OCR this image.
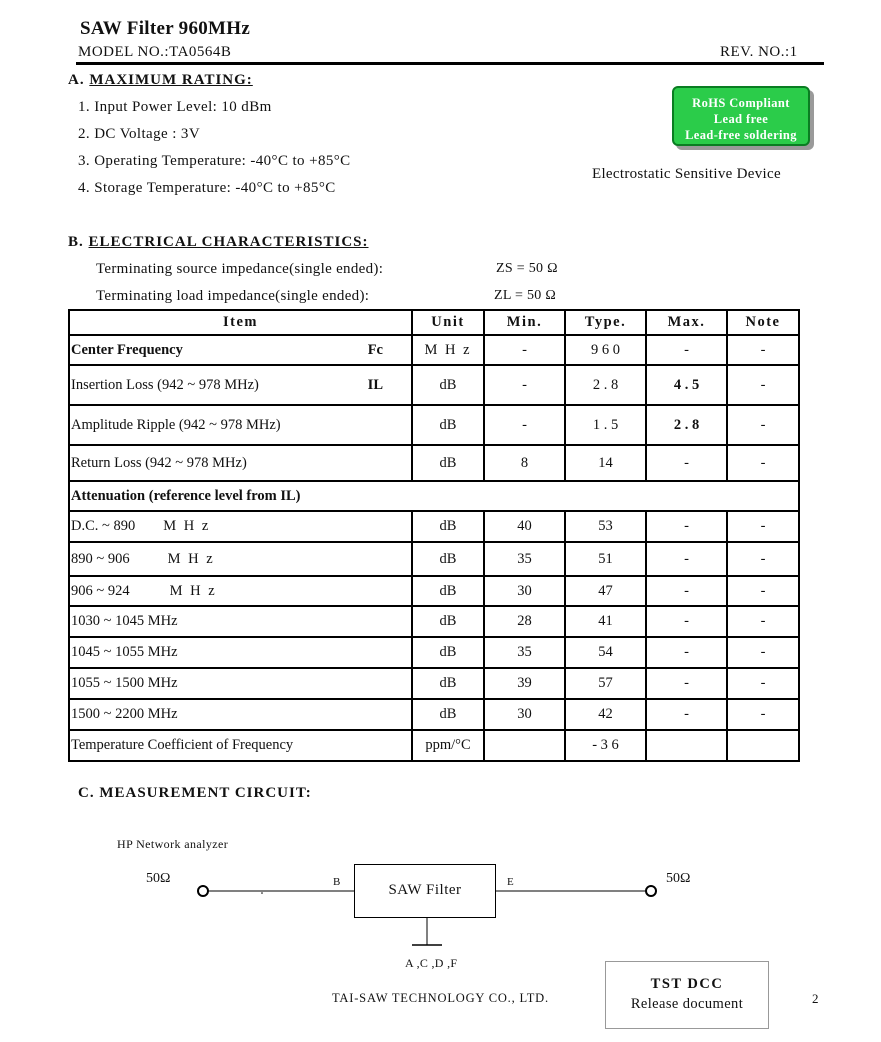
SAW Filter 960MHz
MODEL NO.:TA0564B	REV. NO.:1
A. MAXIMUM RATING:
1. Input Power Level: 10 dBm
2. DC Voltage : 3V
3. Operating Temperature: -40°C to +85°C
4. Storage Temperature: -40°C to +85°C
RoHS Compliant
Lead free
Lead-free soldering
Electrostatic Sensitive Device
B. ELECTRICAL CHARACTERISTICS:
Terminating source impedance(single ended):	ZS = 50 Ω
Terminating load impedance(single ended):	ZL = 50 Ω
Item	Unit	Min.	Type.	Max.	Note

Center Frequency Fc	M H z	-	9 6 0	-	-

Insertion Loss (942 ~ 978 MHz) IL	dB	-	2 . 8	4 . 5	-
Amplitude Ripple (942 ~ 978 MHz)	dB	-	1 . 5	2 . 8	-
Return Loss (942 ~ 978 MHz)	dB	8	14	-	-
Attenuation (reference level from IL)					
D.C. ~ 890 M H z	dB	40	53	-	-
890 ~ 906 M H z	dB	35	51	-	-
906 ~ 924 M H z	dB	30	47	-	-
1030 ~ 1045 MHz	dB	28	41	-	-
1045 ~ 1055 MHz	dB	35	54	-	-
1055 ~ 1500 MHz	dB	39	57	-	-
1500 ~ 2200 MHz	dB	30	42	-	-
Temperature Coefficient of Frequency	ppm/°C		- 3 6		
C. MEASUREMENT CIRCUIT:
HP Network analyzer
50Ω	50Ω
B	E
SAW Filter
A ,C ,D ,F
TST DCC
Release document
TAI-SAW TECHNOLOGY CO., LTD.	2
